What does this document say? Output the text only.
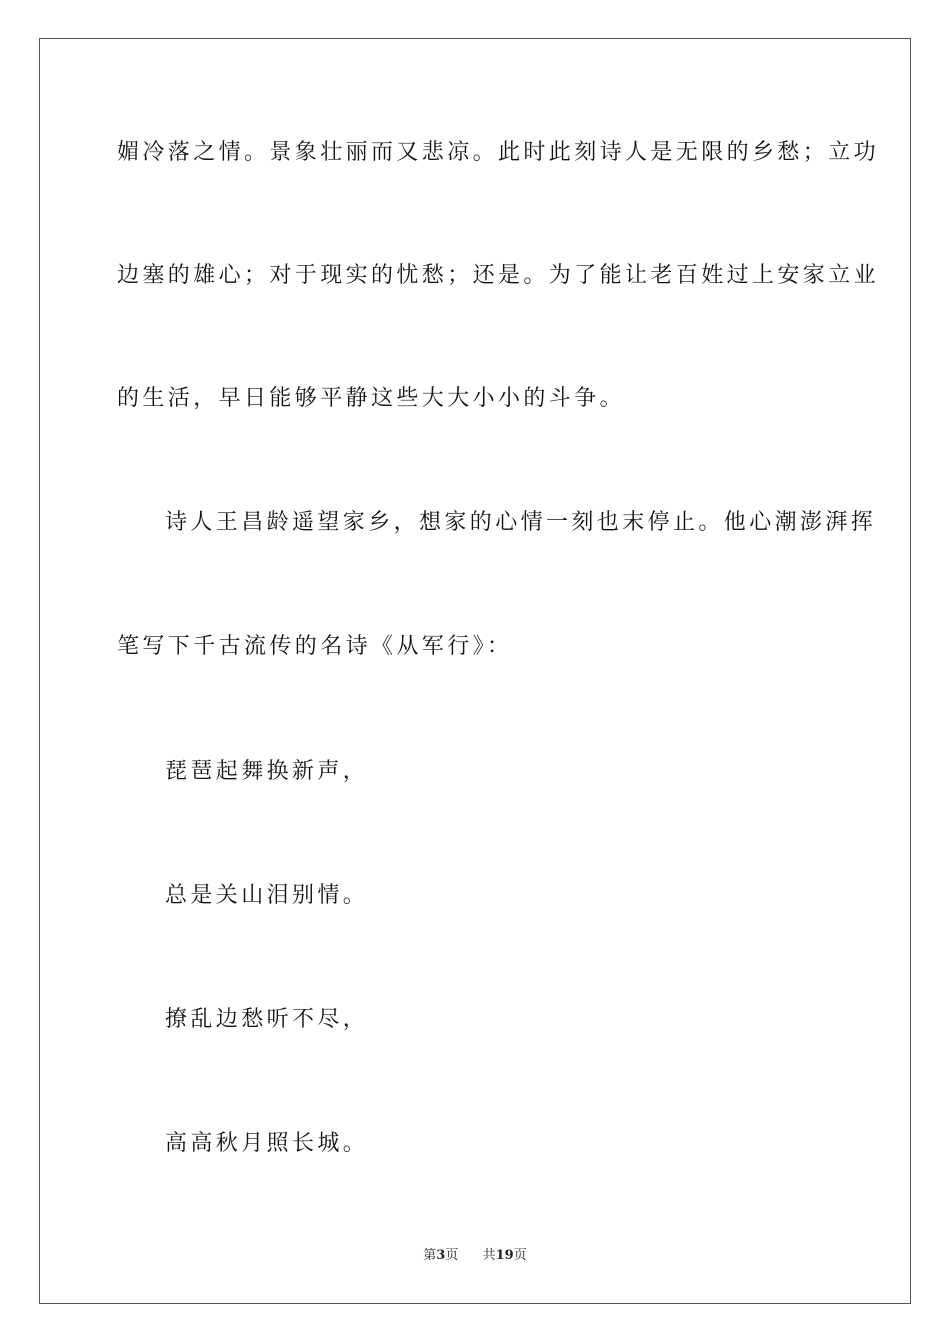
媚冷落之情。景象壮丽而又悲凉。此时此刻诗人是无限的乡愁；立功
边塞的雄心；对于现实的忧愁；还是。为了能让老百姓过上安家立业
的生活，早日能够平静这些大大小小的斗争。
诗人王昌龄遥望家乡，想家的心情一刻也末停止。他心潮澎湃挥
笔写下千古流传的名诗《从军行》：
琵琶起舞换新声，
总是关山泪别情。
撩乱边愁听不尽，
高高秋月照长城。
第3页 共19页
